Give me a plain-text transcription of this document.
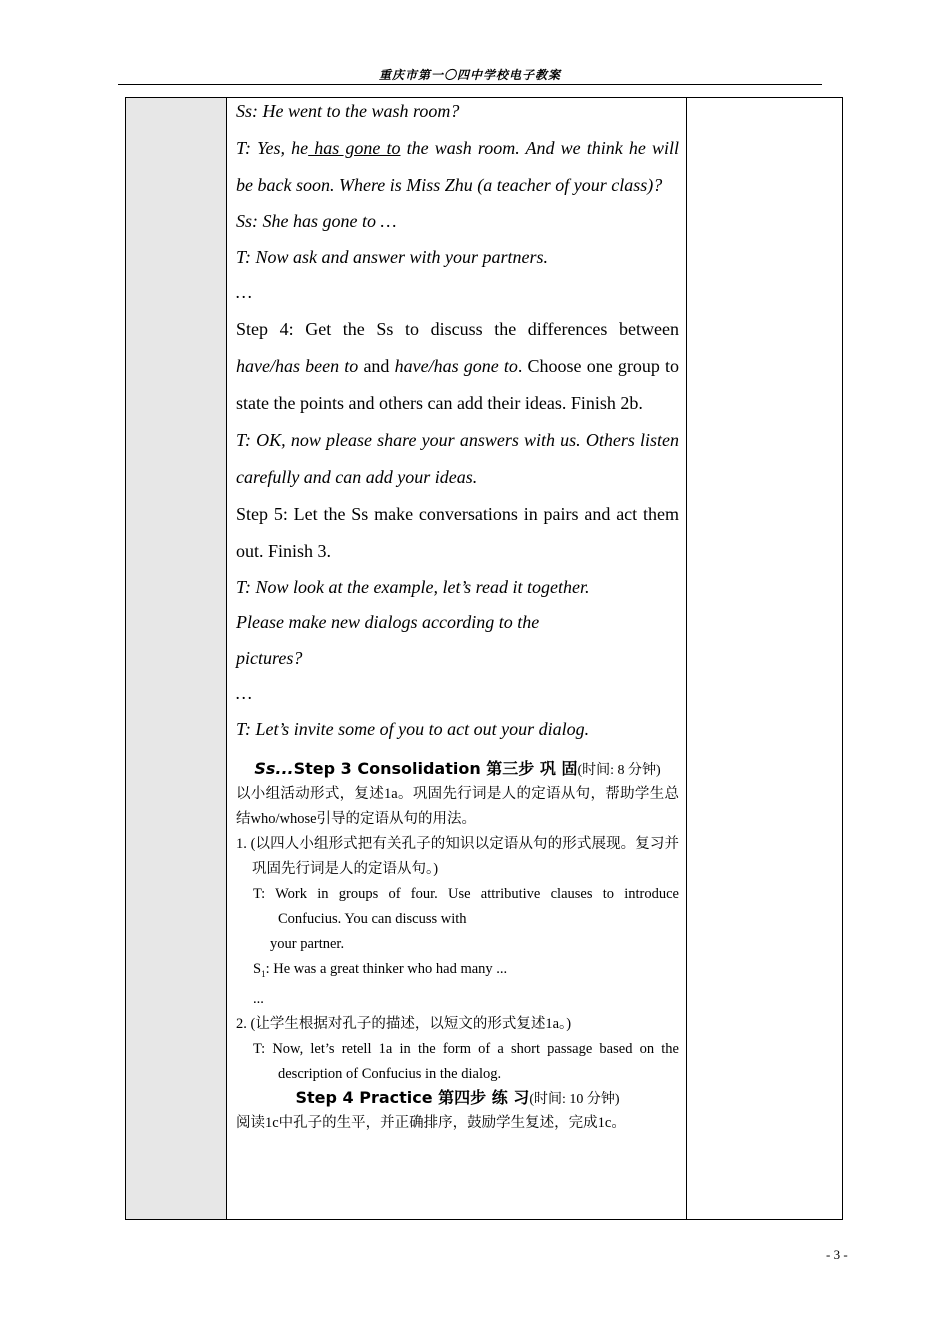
重庆市第一〇四中学校电子教案

Ss: He went to the wash room?

T: Yes, he has gone to the wash room. And we think he will be back soon. Where is Miss Zhu (a teacher of your class)?

Ss: She has gone to …

T: Now ask and answer with your partners.

…

Step 4: Get the Ss to discuss the differences between have/has been to and have/has gone to. Choose one group to state the points and others can add their ideas. Finish 2b.

T: OK, now please share your answers with us. Others listen carefully and can add your ideas.

Step 5: Let the Ss make conversations in pairs and act them out. Finish 3.

T: Now look at the example, let’s read it together.

Please make new dialogs according to the

pictures?

…

T: Let’s invite some of you to act out your dialog.

Ss...Step 3 Consolidation 第三步 巩 固(时间: 8 分钟)

以小组活动形式，复述1a。巩固先行词是人的定语从句，帮助学生总结who/whose引导的定语从句的用法。

1. (以四人小组形式把有关孔子的知识以定语从句的形式展现。复习并巩固先行词是人的定语从句。)

T: Work in groups of four. Use attributive clauses to introduce Confucius. You can discuss with

your partner.

$S_1$: He was a great thinker who had many ...

...

2. (让学生根据对孔子的描述，以短文的形式复述1a。)

T: Now, let’s retell 1a in the form of a short passage based on the description of Confucius in the dialog.

Step 4 Practice 第四步 练 习(时间: 10 分钟)

阅读1c中孔子的生平，并正确排序，鼓励学生复述，完成1c。

- 3 -
